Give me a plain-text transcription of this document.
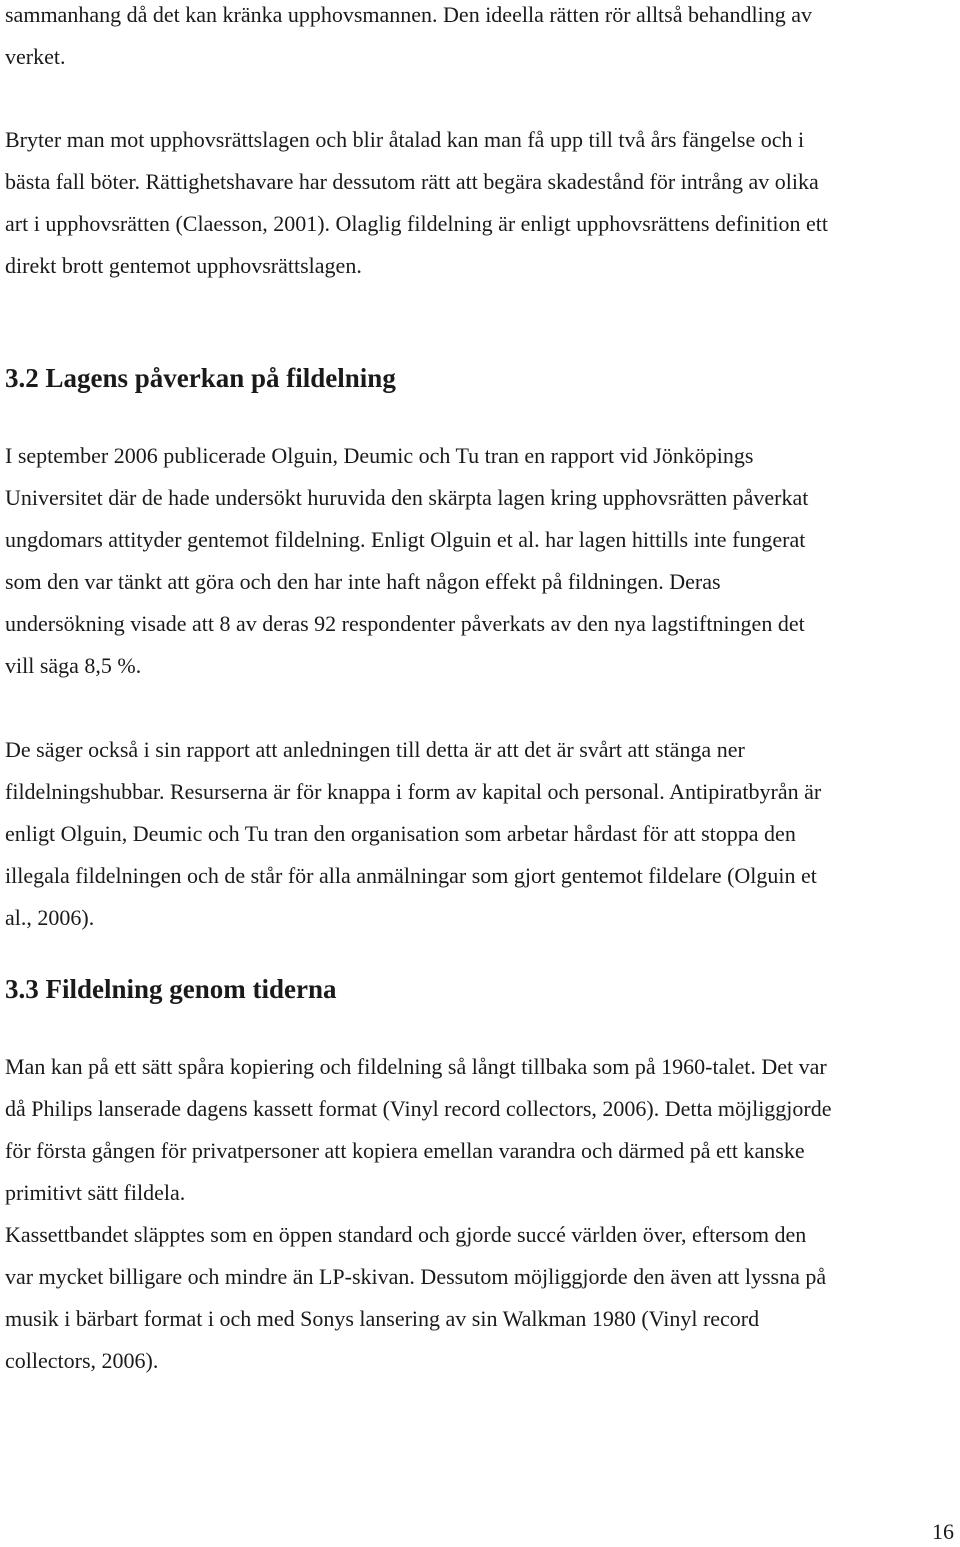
sammanhang då det kan kränka upphovsmannen. Den ideella rätten rör alltså behandling av
verket.

Bryter man mot upphovsrättslagen och blir åtalad kan man få upp till två års fängelse och i
bästa fall böter. Rättighetshavare har dessutom rätt att begära skadestånd för intrång av olika
art i upphovsrätten (Claesson, 2001). Olaglig fildelning är enligt upphovsrättens definition ett
direkt brott gentemot upphovsrättslagen.

3.2 Lagens påverkan på fildelning

I september 2006 publicerade Olguin, Deumic och Tu tran en rapport vid Jönköpings
Universitet där de hade undersökt huruvida den skärpta lagen kring upphovsrätten påverkat
ungdomars attityder gentemot fildelning. Enligt Olguin et al. har lagen hittills inte fungerat
som den var tänkt att göra och den har inte haft någon effekt på fildningen. Deras
undersökning visade att 8 av deras 92 respondenter påverkats av den nya lagstiftningen det
vill säga 8,5 %.

De säger också i sin rapport att anledningen till detta är att det är svårt att stänga ner
fildelningshubbar. Resurserna är för knappa i form av kapital och personal. Antipiratbyrån är
enligt Olguin, Deumic och Tu tran den organisation som arbetar hårdast för att stoppa den
illegala fildelningen och de står för alla anmälningar som gjort gentemot fildelare (Olguin et
al., 2006).

3.3 Fildelning genom tiderna

Man kan på ett sätt spåra kopiering och fildelning så långt tillbaka som på 1960-talet. Det var
då Philips lanserade dagens kassett format (Vinyl record collectors, 2006). Detta möjliggjorde
för första gången för privatpersoner att kopiera emellan varandra och därmed på ett kanske
primitivt sätt fildela.

Kassettbandet släpptes som en öppen standard och gjorde succé världen över, eftersom den
var mycket billigare och mindre än LP-skivan. Dessutom möjliggjorde den även att lyssna på
musik i bärbart format i och med Sonys lansering av sin Walkman 1980 (Vinyl record
collectors, 2006).

16
